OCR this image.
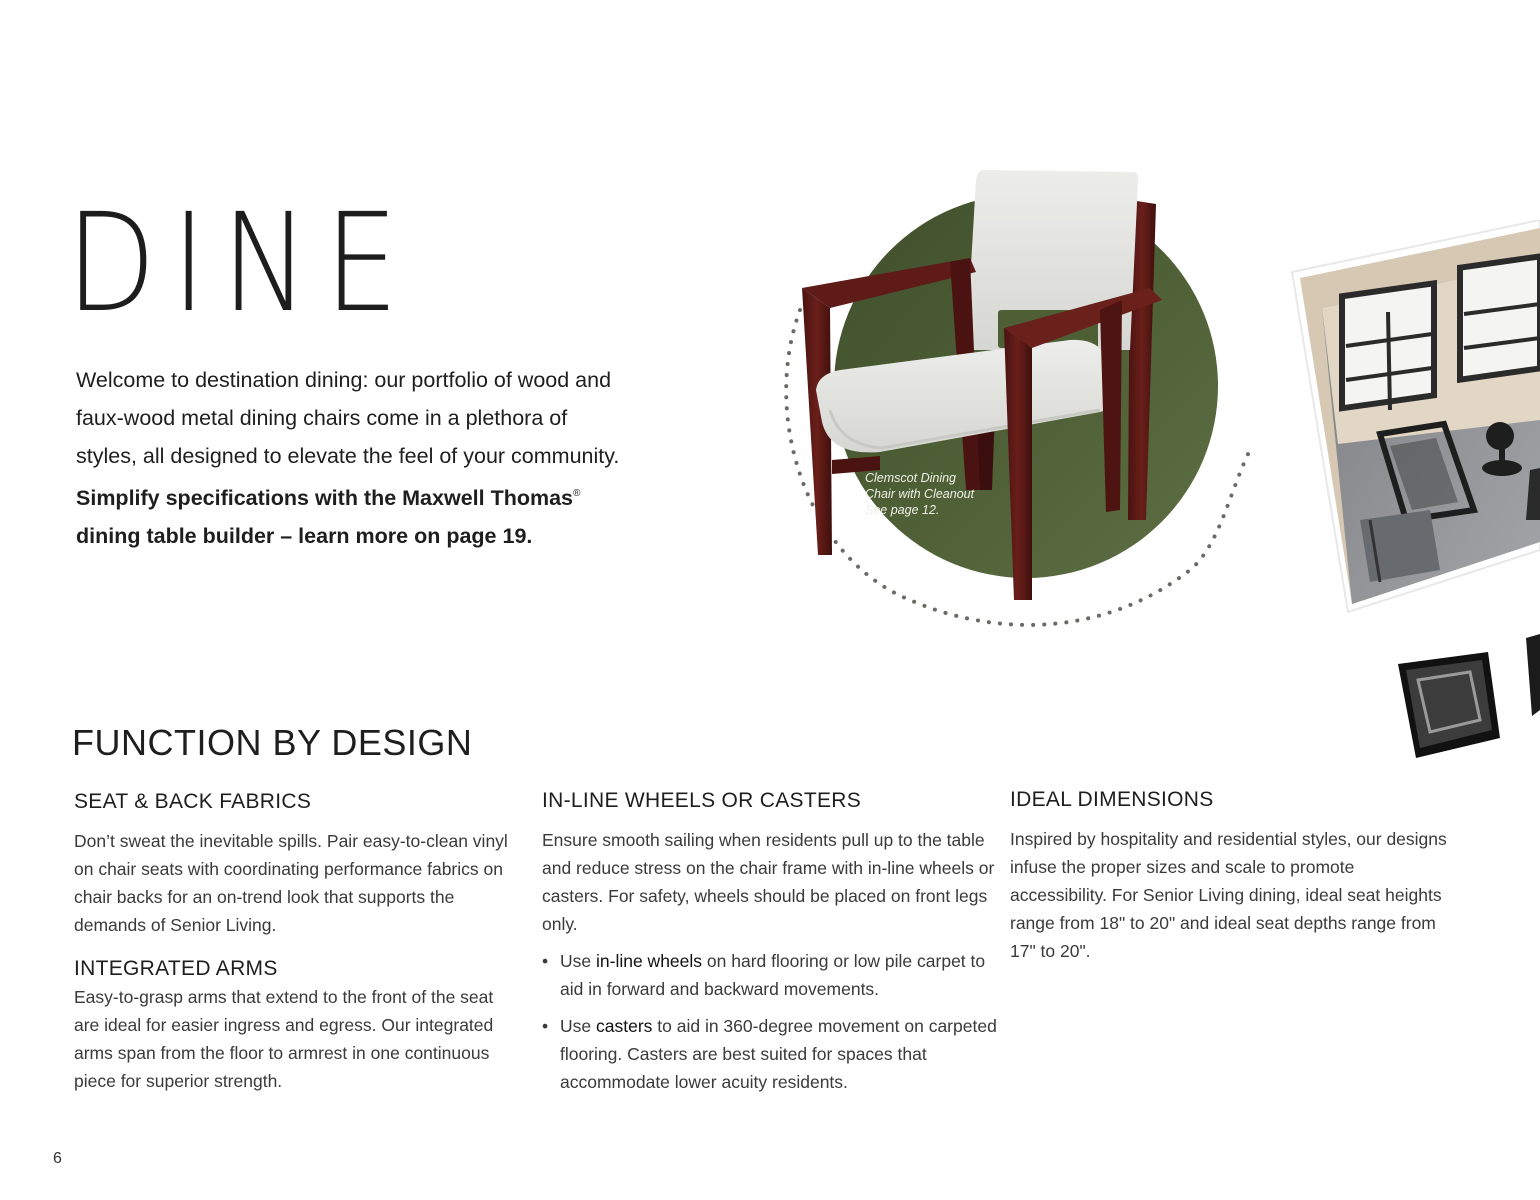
DINE

Welcome to destination dining: our portfolio of wood and faux-wood metal dining chairs come in a plethora of styles, all designed to elevate the feel of your community. Simplify specifications with the Maxwell Thomas® dining table builder – learn more on page 19.

Clemscot Dining
Chair with Cleanout
See page 12.
FUNCTION BY DESIGN
SEAT & BACK FABRICS

Don’t sweat the inevitable spills. Pair easy-to-clean vinyl on chair seats with coordinating performance fabrics on chair backs for an on-trend look that supports the demands of Senior Living.

INTEGRATED ARMS

Easy-to-grasp arms that extend to the front of the seat are ideal for easier ingress and egress. Our integrated arms span from the floor to armrest in one continuous piece for superior strength.

IN-LINE WHEELS OR CASTERS

Ensure smooth sailing when residents pull up to the table and reduce stress on the chair frame with in-line wheels or casters. For safety, wheels should be placed on front legs only.

• Use in-line wheels on hard flooring or low pile carpet to aid in forward and backward movements.
• Use casters to aid in 360-degree movement on carpeted flooring. Casters are best suited for spaces that accommodate lower acuity residents.
IDEAL DIMENSIONS

Inspired by hospitality and residential styles, our designs infuse the proper sizes and scale to promote accessibility. For Senior Living dining, ideal seat heights range from 18" to 20" and ideal seat depths range from 17" to 20".

6
